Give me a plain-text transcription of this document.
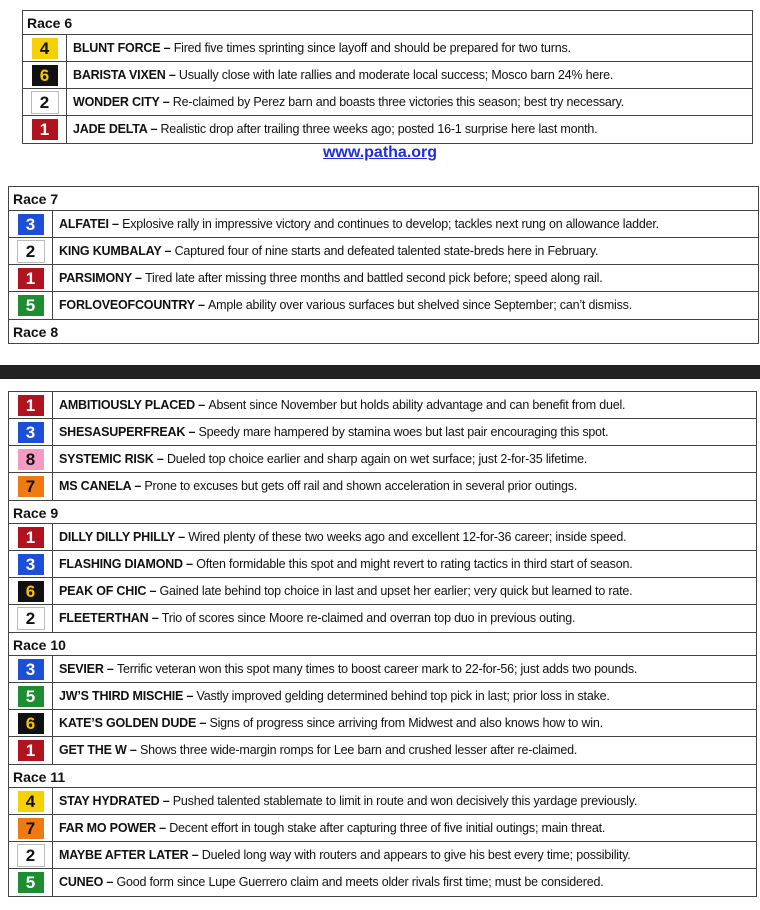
Race 6
4	BLUNT FORCE – Fired five times sprinting since layoff and should be prepared for two turns.
6	BARISTA VIXEN – Usually close with late rallies and moderate local success; Mosco barn 24% here.
2	WONDER CITY – Re-claimed by Perez barn and boasts three victories this season; best try necessary.
1	JADE DELTA – Realistic drop after trailing three weeks ago; posted 16-1 surprise here last month.
www.patha.org
Race 7
3	ALFATEI – Explosive rally in impressive victory and continues to develop; tackles next rung on allowance ladder.
2	KING KUMBALAY – Captured four of nine starts and defeated talented state-breds here in February.
1	PARSIMONY – Tired late after missing three months and battled second pick before; speed along rail.
5	FORLOVEOFCOUNTRY – Ample ability over various surfaces but shelved since September; can’t dismiss.
Race 8
1	AMBITIOUSLY PLACED – Absent since November but holds ability advantage and can benefit from duel.
3	SHESASUPERFREAK – Speedy mare hampered by stamina woes but last pair encouraging this spot.
8	SYSTEMIC RISK – Dueled top choice earlier and sharp again on wet surface; just 2-for-35 lifetime.
7	MS CANELA – Prone to excuses but gets off rail and shown acceleration in several prior outings.
Race 9
1	DILLY DILLY PHILLY – Wired plenty of these two weeks ago and excellent 12-for-36 career; inside speed.
3	FLASHING DIAMOND – Often formidable this spot and might revert to rating tactics in third start of season.
6	PEAK OF CHIC – Gained late behind top choice in last and upset her earlier; very quick but learned to rate.
2	FLEETERTHAN – Trio of scores since Moore re-claimed and overran top duo in previous outing.
Race 10
3	SEVIER – Terrific veteran won this spot many times to boost career mark to 22-for-56; just adds two pounds.
5	JW’S THIRD MISCHIE – Vastly improved gelding determined behind top pick in last; prior loss in stake.
6	KATE’S GOLDEN DUDE – Signs of progress since arriving from Midwest and also knows how to win.
1	GET THE W – Shows three wide-margin romps for Lee barn and crushed lesser after re-claimed.
Race 11
4	STAY HYDRATED – Pushed talented stablemate to limit in route and won decisively this yardage previously.
7	FAR MO POWER – Decent effort in tough stake after capturing three of five initial outings; main threat.
2	MAYBE AFTER LATER – Dueled long way with routers and appears to give his best every time; possibility.
5	CUNEO – Good form since Lupe Guerrero claim and meets older rivals first time; must be considered.
